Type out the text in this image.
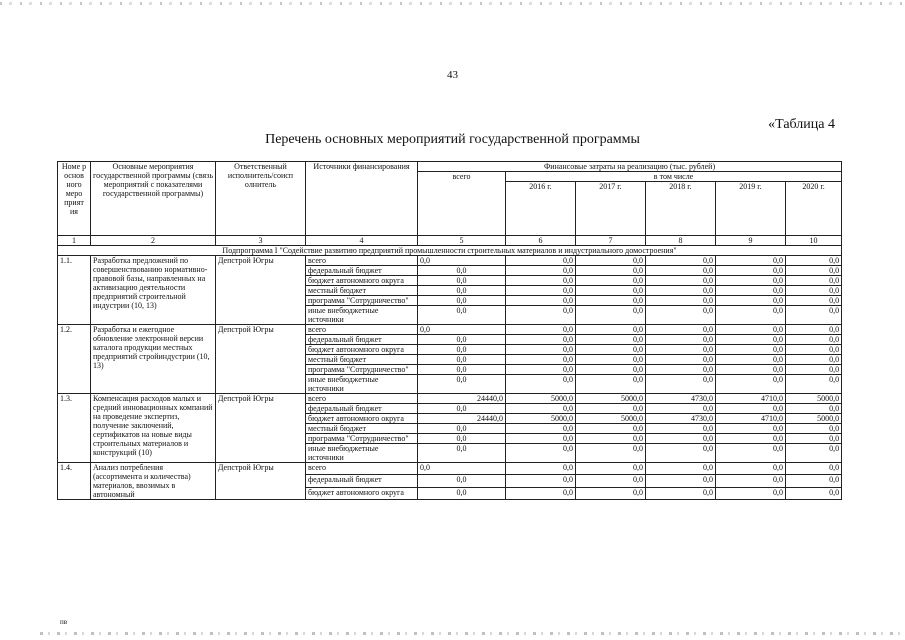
43
«Таблица 4
Перечень основных мероприятий государственной программы
Номе р основ ного меро прият ия	Основные мероприятия государственной программы (связь мероприятий с показателями государственной программы)	Ответственный исполнитель/соисп олнитель	Источники финансирования	Финансовые затраты на реализацию (тыс. рублей)					
				всего	в том числе				
					2016 г.	2017 г.	2018 г.	2019 г.	2020 г.
1	2	3	4	5	6	7	8	9	10
Подпрограмма I "Содействие развитию предприятий промышленности строительных материалов и индустриального домостроения"									
1.1.	Разработка предложений по совершенствованию нормативно-правовой базы, направленных на активизацию деятельности предприятий строительной индустрии (10, 13)	Депстрой Югры	всего	0,0	0,0	0,0	0,0	0,0	0,0
			федеральный бюджет	0,0	0,0	0,0	0,0	0,0	0,0
			бюджет автономного округа	0,0	0,0	0,0	0,0	0,0	0,0
			местный бюджет	0,0	0,0	0,0	0,0	0,0	0,0
			программа "Сотрудничество"	0,0	0,0	0,0	0,0	0,0	0,0
			иные внебюджетные источники	0,0	0,0	0,0	0,0	0,0	0,0
1.2.	Разработка и ежегодное обновление электронной версии каталога продукции местных предприятий стройиндустрии (10, 13)	Депстрой Югры	всего	0,0	0,0	0,0	0,0	0,0	0,0
			федеральный бюджет	0,0	0,0	0,0	0,0	0,0	0,0
			бюджет автономного округа	0,0	0,0	0,0	0,0	0,0	0,0
			местный бюджет	0,0	0,0	0,0	0,0	0,0	0,0
			программа "Сотрудничество"	0,0	0,0	0,0	0,0	0,0	0,0
			иные внебюджетные источники	0,0	0,0	0,0	0,0	0,0	0,0
1.3.	Компенсация расходов малых и средний инновационных компаний на проведение экспертиз, получение заключений, сертификатов на новые виды строительных материалов и конструкций (10)	Депстрой Югры	всего	24440,0	5000,0	5000,0	4730,0	4710,0	5000,0
			федеральный бюджет	0,0	0,0	0,0	0,0	0,0	0,0
			бюджет автономного округа	24440,0	5000,0	5000,0	4730,0	4710,0	5000,0
			местный бюджет	0,0	0,0	0,0	0,0	0,0	0,0
			программа "Сотрудничество"	0,0	0,0	0,0	0,0	0,0	0,0
			иные внебюджетные источники	0,0	0,0	0,0	0,0	0,0	0,0
1.4.	Анализ потребления (ассортимента и количества) материалов, ввозимых в автономный	Депстрой Югры	всего	0,0	0,0	0,0	0,0	0,0	0,0
			федеральный бюджет	0,0	0,0	0,0	0,0	0,0	0,0
			бюджет автономного округа	0,0	0,0	0,0	0,0	0,0	0,0
пв
